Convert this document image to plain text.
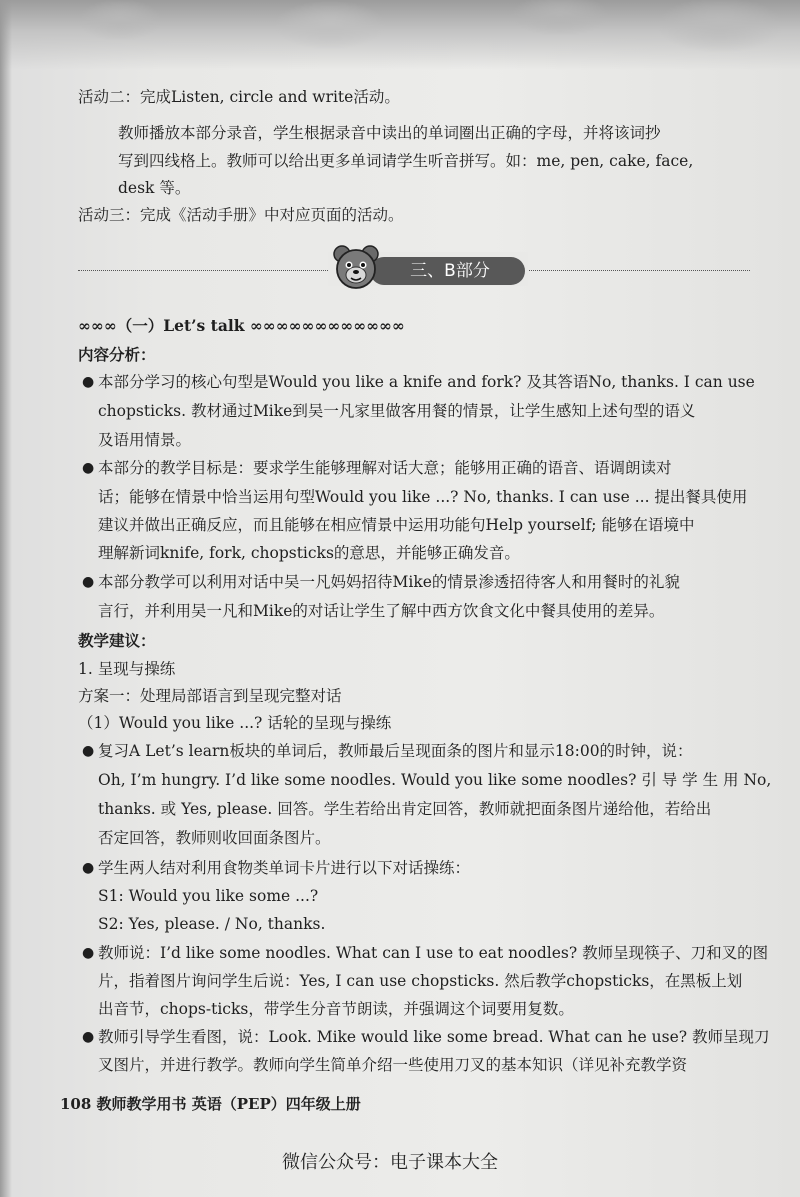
活动二：完成Listen, circle and write活动。
教师播放本部分录音，学生根据录音中读出的单词圈出正确的字母，并将该词抄
写到四线格上。教师可以给出更多单词请学生听音拼写。如：me, pen, cake, face,
desk 等。
活动三：完成《活动手册》中对应页面的活动。
三、B部分
∞∞∞（一）Let’s talk ∞∞∞∞∞∞∞∞∞∞∞∞
内容分析：
● 本部分学习的核心句型是Would you like a knife and fork? 及其答语No, thanks. I can use
chopsticks. 教材通过Mike到吴一凡家里做客用餐的情景，让学生感知上述句型的语义
及语用情景。
● 本部分的教学目标是：要求学生能够理解对话大意；能够用正确的语音、语调朗读对
话；能够在情景中恰当运用句型Would you like ...? No, thanks. I can use ... 提出餐具使用
建议并做出正确反应，而且能够在相应情景中运用功能句Help yourself; 能够在语境中
理解新词knife, fork, chopsticks的意思，并能够正确发音。
● 本部分教学可以利用对话中吴一凡妈妈招待Mike的情景渗透招待客人和用餐时的礼貌
言行，并利用吴一凡和Mike的对话让学生了解中西方饮食文化中餐具使用的差异。
教学建议：
1. 呈现与操练
方案一：处理局部语言到呈现完整对话
（1）Would you like ...? 话轮的呈现与操练
● 复习A Let’s learn板块的单词后，教师最后呈现面条的图片和显示18:00的时钟，说：
Oh, I’m hungry. I’d like some noodles. Would you like some noodles? 引 导 学 生 用 No,
thanks. 或 Yes, please. 回答。学生若给出肯定回答，教师就把面条图片递给他，若给出
否定回答，教师则收回面条图片。
● 学生两人结对利用食物类单词卡片进行以下对话操练：
S1: Would you like some ...?
S2: Yes, please. / No, thanks.
● 教师说：I’d like some noodles. What can I use to eat noodles? 教师呈现筷子、刀和叉的图
片，指着图片询问学生后说：Yes, I can use chopsticks. 然后教学chopsticks，在黑板上划
出音节，chops-ticks，带学生分音节朗读，并强调这个词要用复数。
● 教师引导学生看图，说：Look. Mike would like some bread. What can he use? 教师呈现刀
叉图片，并进行教学。教师向学生简单介绍一些使用刀叉的基本知识（详见补充教学资
108 教师教学用书 英语（PEP）四年级上册
微信公众号：电子课本大全
